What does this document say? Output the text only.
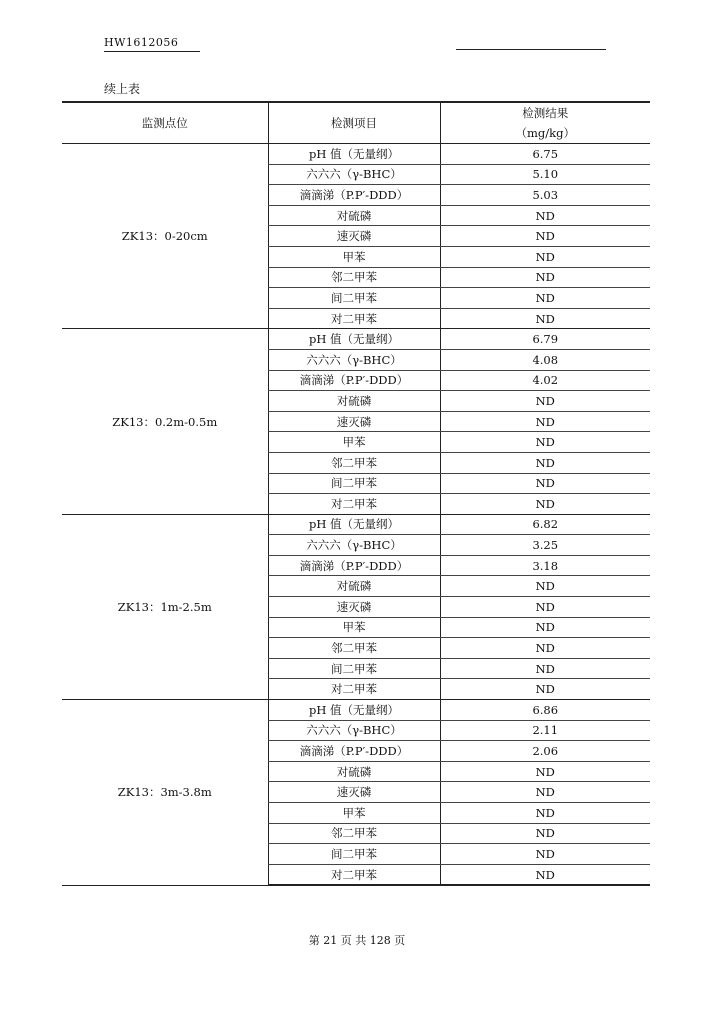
HW1612056
续上表
监测点位	检测项目	检测结果
（mg/kg）

ZK13：0-20cm	pH 值（无量纲）	6.75
	六六六（γ-BHC）	5.10
	滴滴涕（P.P′-DDD）	5.03
	对硫磷	ND
	速灭磷	ND
	甲苯	ND
	邻二甲苯	ND
	间二甲苯	ND
	对二甲苯	ND
ZK13：0.2m-0.5m	pH 值（无量纲）	6.79
	六六六（γ-BHC）	4.08
	滴滴涕（P.P′-DDD）	4.02
	对硫磷	ND
	速灭磷	ND
	甲苯	ND
	邻二甲苯	ND
	间二甲苯	ND
	对二甲苯	ND
ZK13：1m-2.5m	pH 值（无量纲）	6.82
	六六六（γ-BHC）	3.25
	滴滴涕（P.P′-DDD）	3.18
	对硫磷	ND
	速灭磷	ND
	甲苯	ND
	邻二甲苯	ND
	间二甲苯	ND
	对二甲苯	ND
ZK13：3m-3.8m	pH 值（无量纲）	6.86
	六六六（γ-BHC）	2.11
	滴滴涕（P.P′-DDD）	2.06
	对硫磷	ND
	速灭磷	ND
	甲苯	ND
	邻二甲苯	ND
	间二甲苯	ND
	对二甲苯	ND
第 21 页 共 128 页
